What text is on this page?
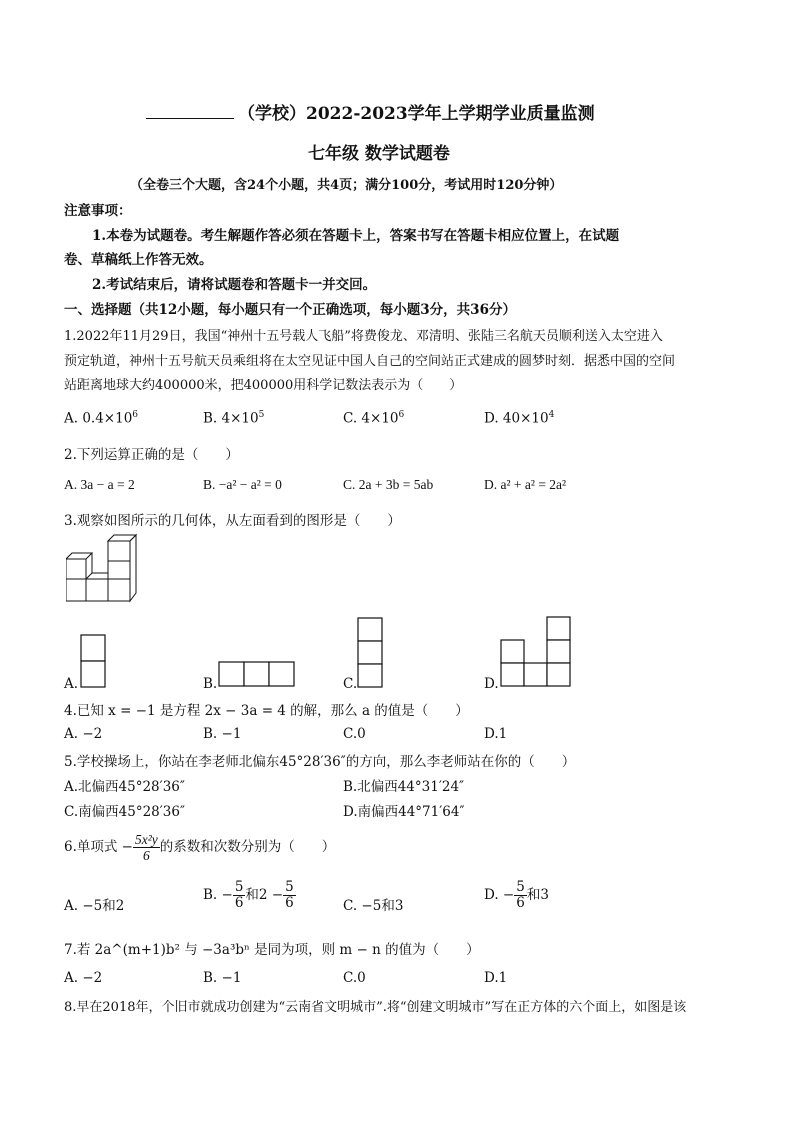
（学校）2022-2023学年上学期学业质量监测
七年级 数学试题卷
（全卷三个大题，含24个小题，共4页；满分100分，考试用时120分钟）
注意事项：
1.本卷为试题卷。考生解题作答必须在答题卡上，答案书写在答题卡相应位置上，在试题
卷、草稿纸上作答无效。
2.考试结束后，请将试题卷和答题卡一并交回。
一、选择题（共12小题，每小题只有一个正确选项，每小题3分，共36分）
1.2022年11月29日，我国“神州十五号载人飞船”将费俊龙、邓清明、张陆三名航天员顺利送入太空进入
预定轨道，神州十五号航天员乘组将在太空见证中国人自己的空间站正式建成的圆梦时刻．据悉中国的空间
站距离地球大约400000米，把400000用科学记数法表示为（　　）
A. $0.4\times 10^6$	B. $4\times 10^5$	C. $4\times 10^6$	D. $40\times 10^4$
2.下列运算正确的是（　　）
A. 3a − a = 2	B. −a² − a² = 0	C. 2a + 3b = 5ab	D. a² + a² = 2a²
3.观察如图所示的几何体，从左面看到的图形是（　　）
A.	B.	C.	D.
4.已知 x = −1 是方程 2x − 3a = 4 的解，那么 a 的值是（　　）
A. −2	B. −1	C.0	D.1
5.学校操场上，你站在李老师北偏东45°28′36″的方向，那么李老师站在你的（　　）
A.北偏西45°28′36″	B.北偏西44°31′24″
C.南偏西45°28′36″	D.南偏西44°71′64″
6.单项式 − $\frac{\text{5x²y}}{6}$ 的系数和次数分别为（　　）
A. −5和2
B. − $\frac{5}{6}$ 和$2 - \frac{5}{6}$	C. −5和3
D. − $\frac{5}{6}$ 和3
7.若 2a^(m+1)b² 与 −3a³bⁿ 是同为项，则 m − n 的值为（　　）
A. −2	B. −1	C.0	D.1
8.早在2018年，个旧市就成功创建为“云南省文明城市”.将“创建文明城市”写在正方体的六个面上，如图是该
